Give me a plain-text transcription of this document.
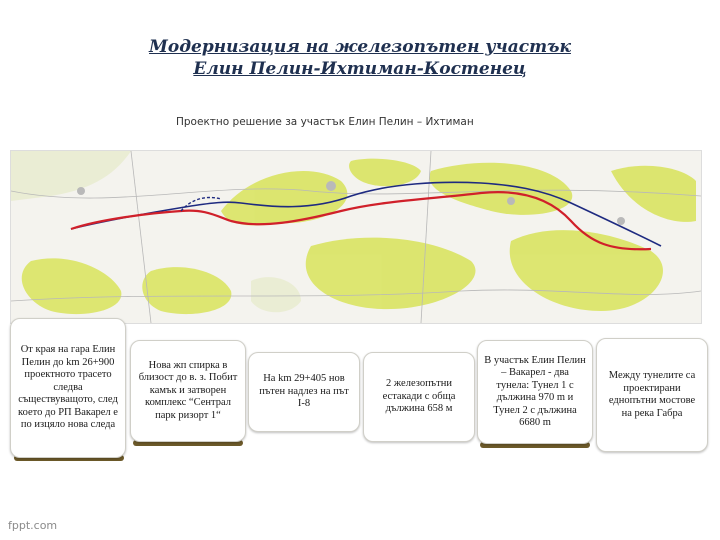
Модернизация на железопътен участък
Елин Пелин-Ихтиман-Костенец
Проектно решение за участък Елин Пелин – Ихтиман
От края на гара Елин Пелин до km 26+900 проектното трасето следва съществуващото, след което до РП Вакарел е по изцяло нова следа
Нова жп спирка в близост до в. з. Побит камък и затворен комплекс “Сентрал парк ризорт 1“
На km 29+405 нов пътен надлез на път I-8
2 железопътни естакади с обща дължина 658 м
В участък Елин Пелин – Вакарел - два тунела: Тунел 1 с дължина 970 m и Тунел 2 с дължина 6680 m
Между тунелите са проектирани еднопътни мостове на река Габра
fppt.com
